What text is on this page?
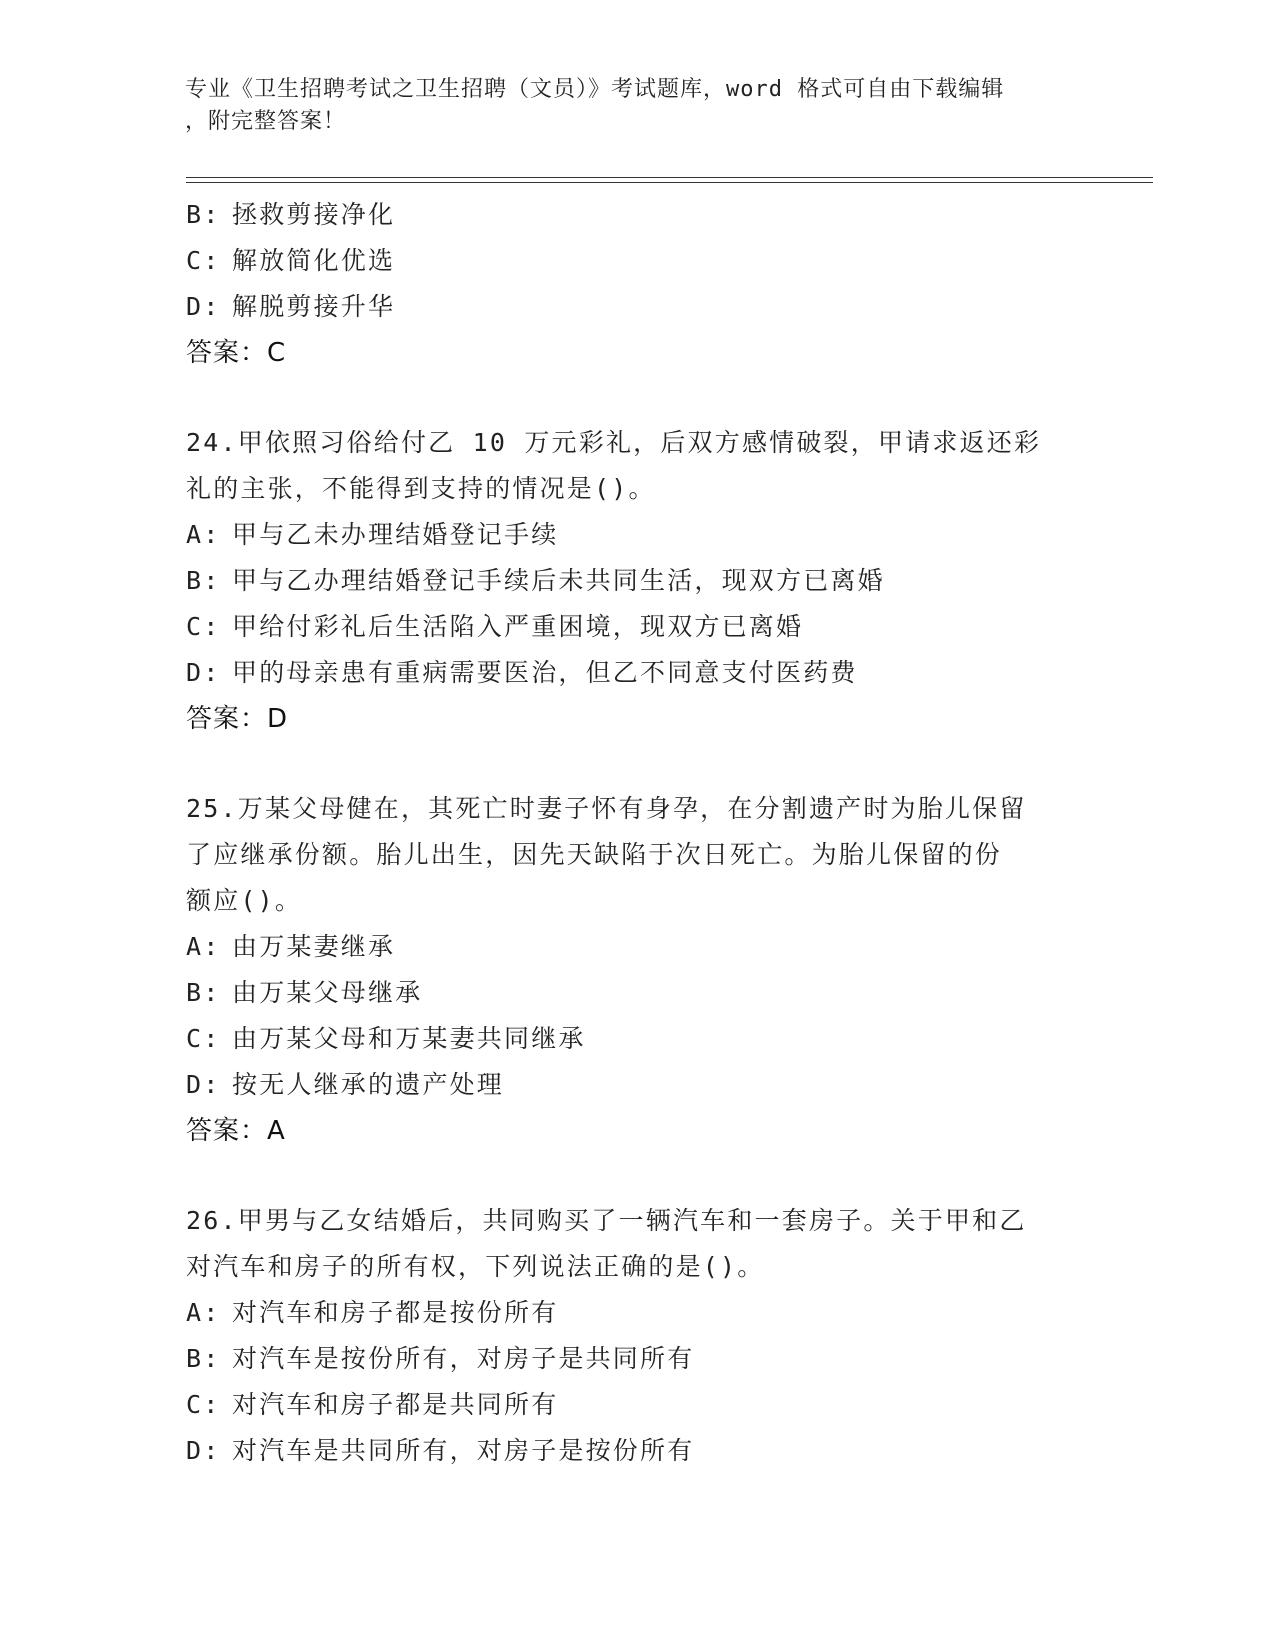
专业《卫生招聘考试之卫生招聘（文员）》考试题库，word 格式可自由下载编辑
，附完整答案！
B: 拯救剪接净化
C: 解放简化优选
D: 解脱剪接升华
答案：C
24.甲依照习俗给付乙 10 万元彩礼，后双方感情破裂，甲请求返还彩
礼的主张，不能得到支持的情况是()。
A: 甲与乙未办理结婚登记手续
B: 甲与乙办理结婚登记手续后未共同生活，现双方已离婚
C: 甲给付彩礼后生活陷入严重困境，现双方已离婚
D: 甲的母亲患有重病需要医治，但乙不同意支付医药费
答案：D
25.万某父母健在，其死亡时妻子怀有身孕，在分割遗产时为胎儿保留
了应继承份额。胎儿出生，因先天缺陷于次日死亡。为胎儿保留的份
额应()。
A: 由万某妻继承
B: 由万某父母继承
C: 由万某父母和万某妻共同继承
D: 按无人继承的遗产处理
答案：A
26.甲男与乙女结婚后，共同购买了一辆汽车和一套房子。关于甲和乙
对汽车和房子的所有权，下列说法正确的是()。
A: 对汽车和房子都是按份所有
B: 对汽车是按份所有，对房子是共同所有
C: 对汽车和房子都是共同所有
D: 对汽车是共同所有，对房子是按份所有
